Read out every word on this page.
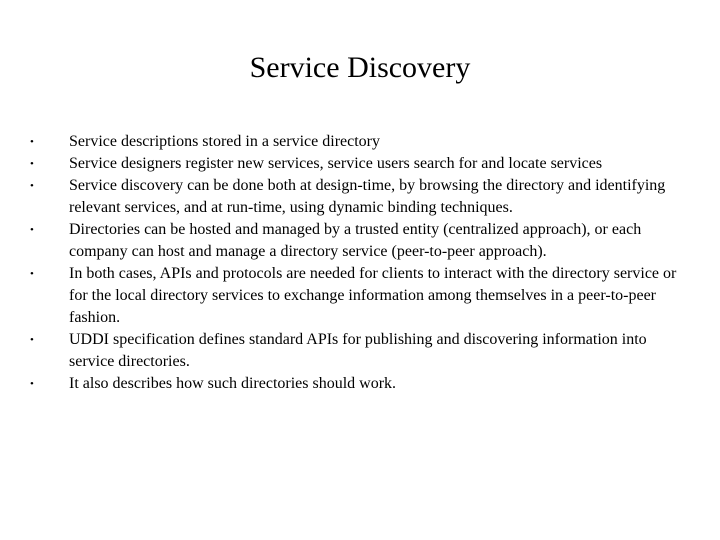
Service Discovery
•	Service descriptions stored in a service directory
•	Service designers register new services, service users search for and locate services
•	Service discovery can be done both at design-time, by browsing the directory and identifying relevant services, and at run-time, using dynamic binding techniques.
•	Directories can be hosted and managed by a trusted entity (centralized approach), or each company can host and manage a directory service (peer-to-peer approach).
•	In both cases, APIs and protocols are needed for clients to interact with the directory service or for the local directory services to exchange information among themselves in a peer-to-peer fashion.
•	UDDI specification defines standard APIs for publishing and discovering information into service directories.
•	It also describes how such directories should work.
